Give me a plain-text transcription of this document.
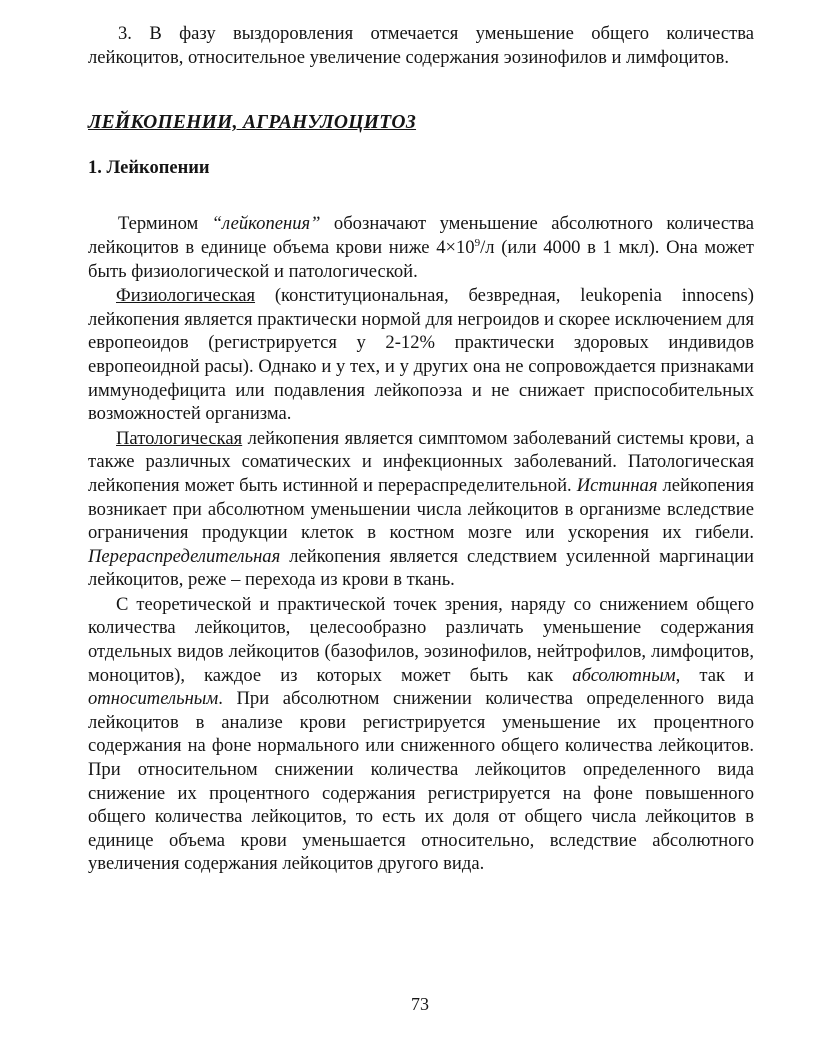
3. В фазу выздоровления отмечается уменьшение общего количества лейкоцитов, относительное увеличение содержания эозинофилов и лимфоцитов.

ЛЕЙКОПЕНИИ, АГРАНУЛОЦИТОЗ

1. Лейкопении

Термином “лейкопения” обозначают уменьшение абсолютного количества лейкоцитов в единице объема крови ниже $4\times 10^9/л$ (или 4000 в 1 мкл). Она может быть физиологической и патологической.

Физиологическая (конституциональная, безвредная, leukopenia innocens) лейкопения является практически нормой для негроидов и скорее исключением для европеоидов (регистрируется у 2-12% практически здоровых индивидов европеоидной расы). Однако и у тех, и у других она не сопровождается признаками иммунодефицита или подавления лейкопоэза и не снижает приспособительных возможностей организма.

Патологическая лейкопения является симптомом заболеваний системы крови, а также различных соматических и инфекционных заболеваний. Патологическая лейкопения может быть истинной и перераспределительной. Истинная лейкопения возникает при абсолютном уменьшении числа лейкоцитов в организме вследствие ограничения продукции клеток в костном мозге или ускорения их гибели. Перераспределительная лейкопения является следствием усиленной маргинации лейкоцитов, реже – перехода из крови в ткань.

С теоретической и практической точек зрения, наряду со снижением общего количества лейкоцитов, целесообразно различать уменьшение содержания отдельных видов лейкоцитов (базофилов, эозинофилов, нейтрофилов, лимфоцитов, моноцитов), каждое из которых может быть как абсолютным, так и относительным. При абсолютном снижении количества определенного вида лейкоцитов в анализе крови регистрируется уменьшение их процентного содержания на фоне нормального или сниженного общего количества лейкоцитов. При относительном снижении количества лейкоцитов определенного вида снижение их процентного содержания регистрируется на фоне повышенного общего количества лейкоцитов, то есть их доля от общего числа лейкоцитов в единице объема крови уменьшается относительно, вследствие абсолютного увеличения содержания лейкоцитов другого вида.

73
